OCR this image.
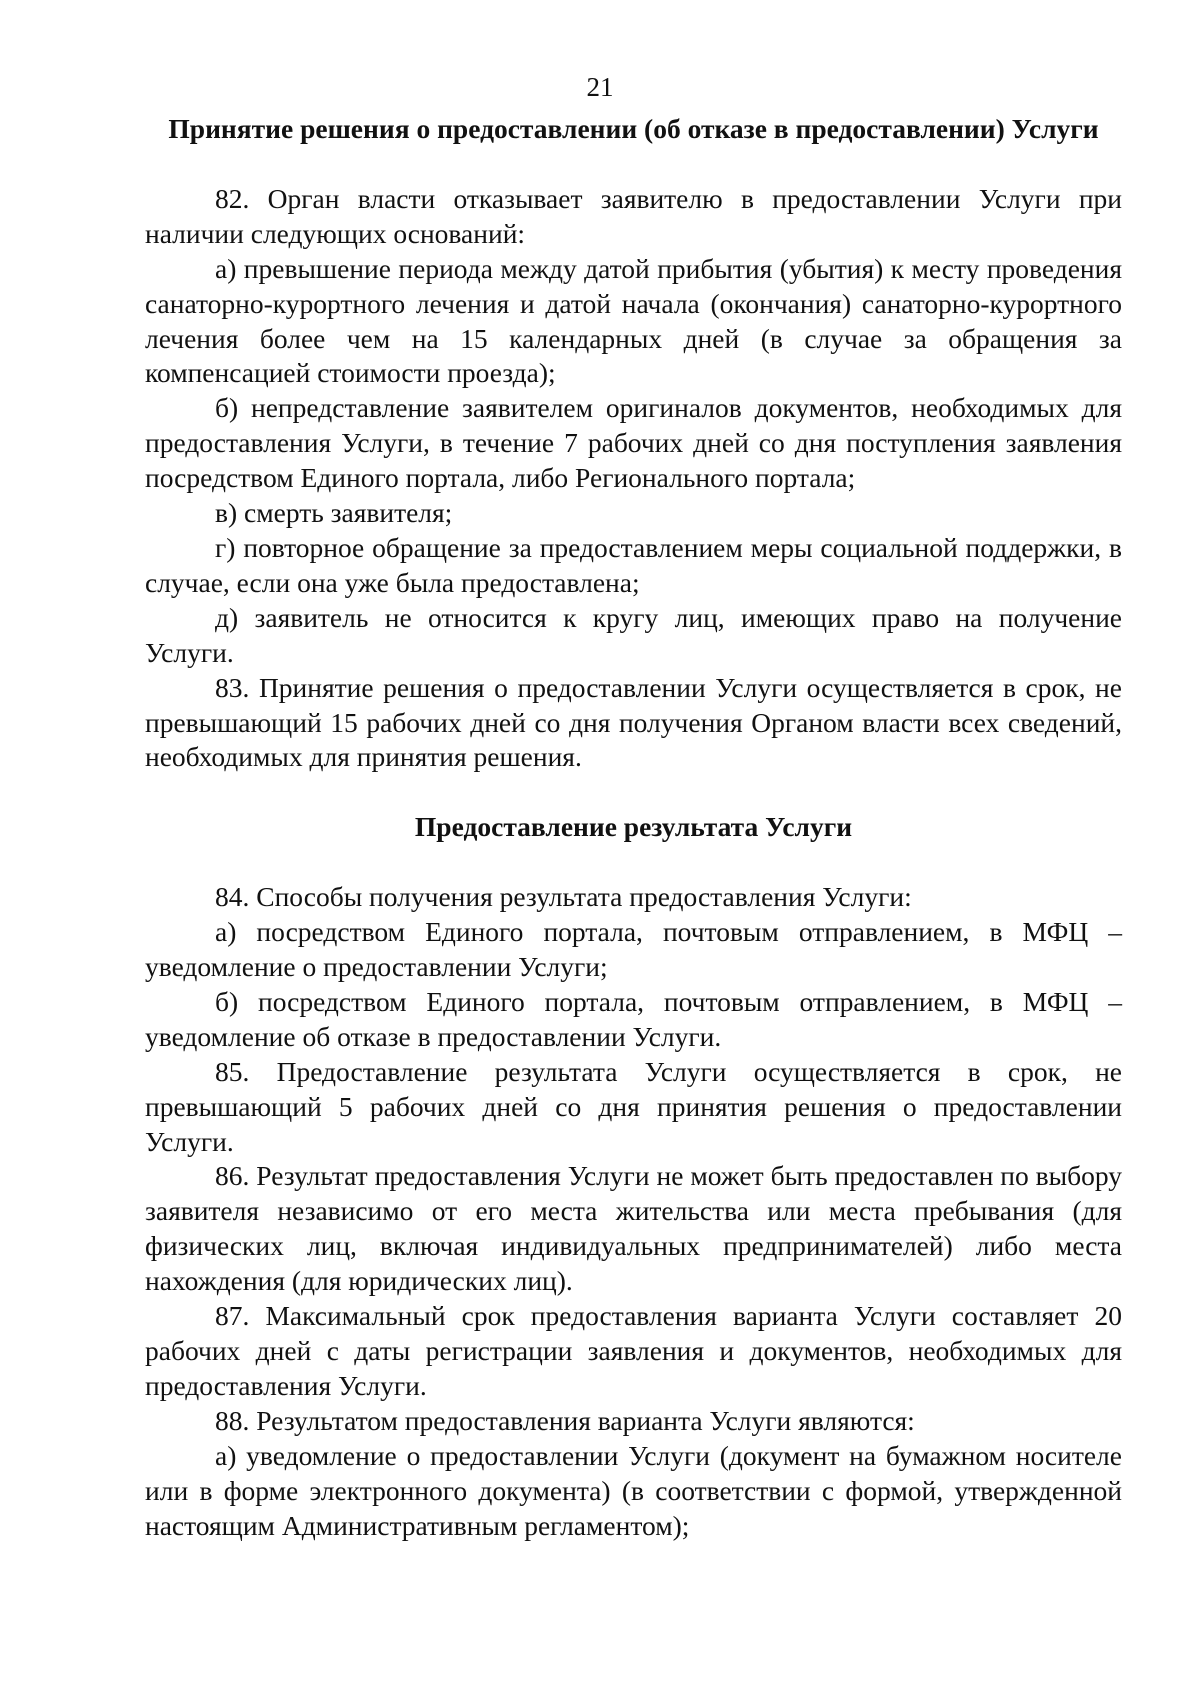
21
Принятие решения о предоставлении (об отказе в предоставлении) Услуги

82. Орган власти отказывает заявителю в предоставлении Услуги при наличии следующих оснований:

а) превышение периода между датой прибытия (убытия) к месту проведения санаторно-курортного лечения и датой начала (окончания) санаторно-курортного лечения более чем на 15 календарных дней (в случае за обращения за компенсацией стоимости проезда);

б) непредставление заявителем оригиналов документов, необходимых для предоставления Услуги, в течение 7 рабочих дней со дня поступления заявления посредством Единого портала, либо Регионального портала;

в) смерть заявителя;

г) повторное обращение за предоставлением меры социальной поддержки, в случае, если она уже была предоставлена;

д) заявитель не относится к кругу лиц, имеющих право на получение Услуги.

83. Принятие решения о предоставлении Услуги осуществляется в срок, не превышающий 15 рабочих дней со дня получения Органом власти всех сведений, необходимых для принятия решения.

Предоставление результата Услуги

84. Способы получения результата предоставления Услуги:

а) посредством Единого портала, почтовым отправлением, в МФЦ – уведомление о предоставлении Услуги;

б) посредством Единого портала, почтовым отправлением, в МФЦ – уведомление об отказе в предоставлении Услуги.

85. Предоставление результата Услуги осуществляется в срок, не превышающий 5 рабочих дней со дня принятия решения о предоставлении Услуги.

86. Результат предоставления Услуги не может быть предоставлен по выбору заявителя независимо от его места жительства или места пребывания (для физических лиц, включая индивидуальных предпринимателей) либо места нахождения (для юридических лиц).

87. Максимальный срок предоставления варианта Услуги составляет 20 рабочих дней с даты регистрации заявления и документов, необходимых для предоставления Услуги.

88. Результатом предоставления варианта Услуги являются:

а) уведомление о предоставлении Услуги (документ на бумажном носителе или в форме электронного документа) (в соответствии с формой, утвержденной настоящим Административным регламентом);
